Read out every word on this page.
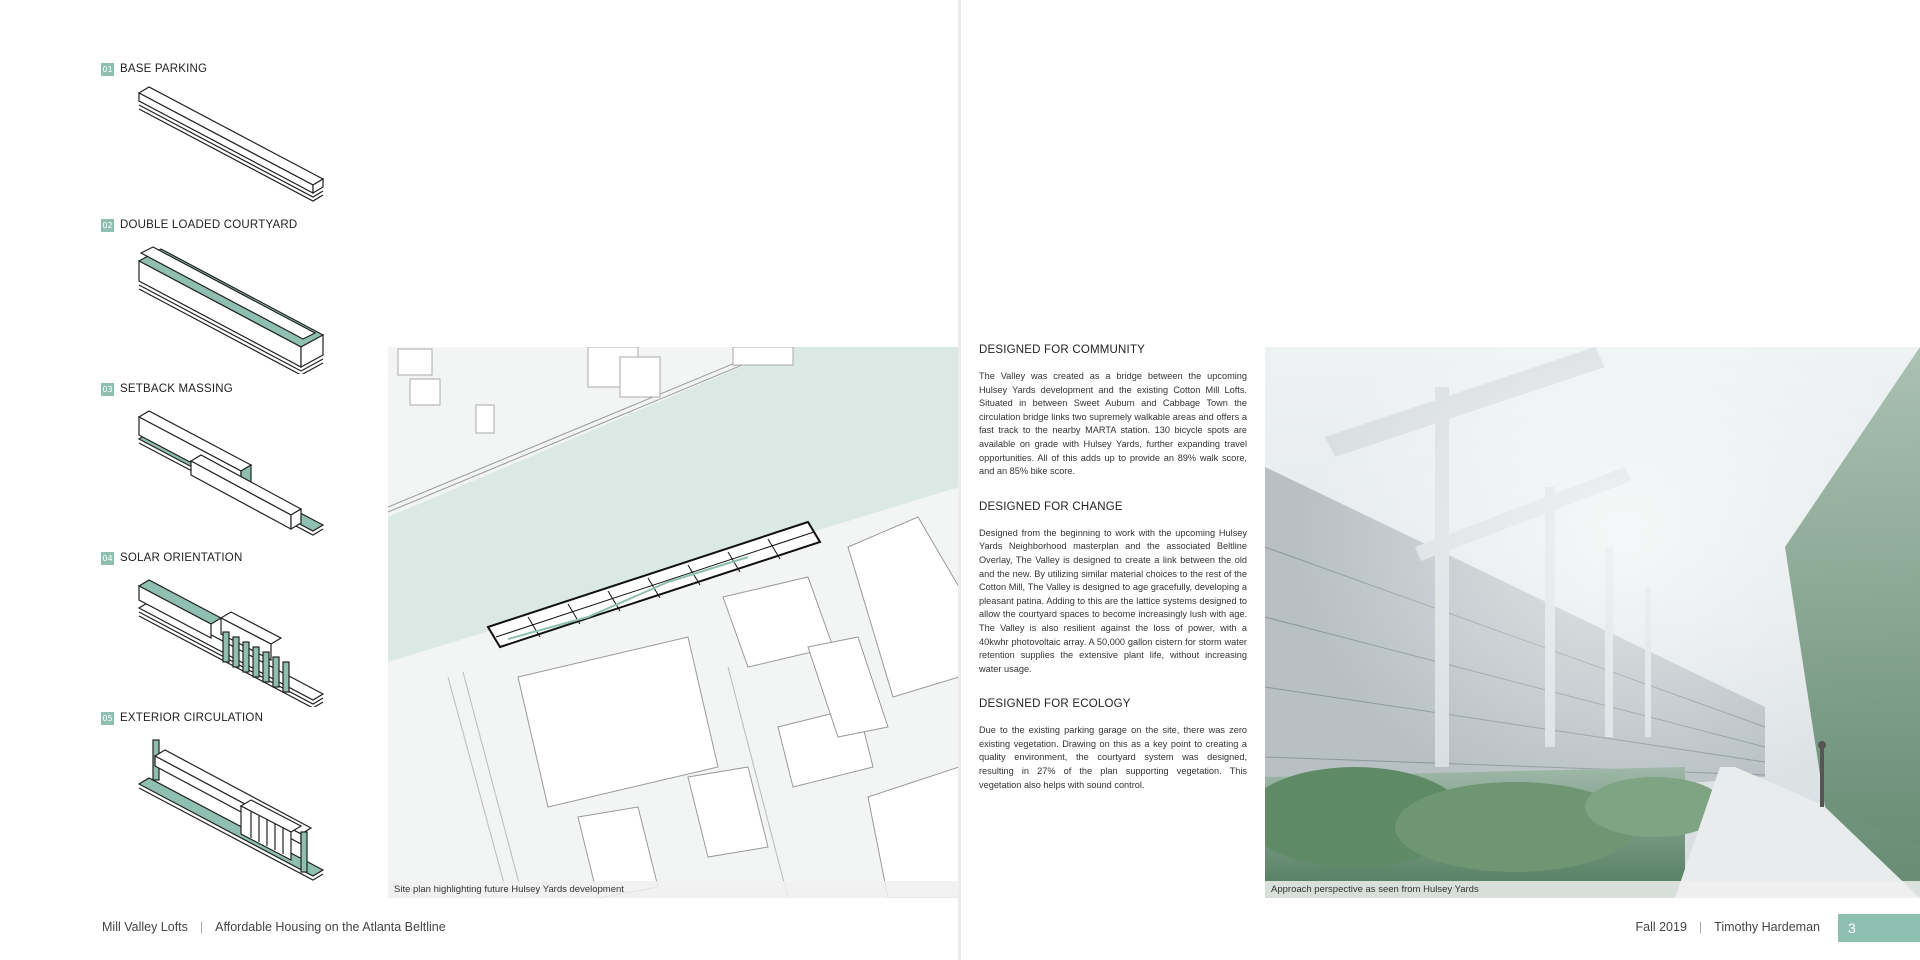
01 BASE PARKING
02 DOUBLE LOADED COURTYARD
03 SETBACK MASSING
04 SOLAR ORIENTATION
05 EXTERIOR CIRCULATION
Site plan highlighting future Hulsey Yards development
DESIGNED FOR COMMUNITY

The Valley was created as a bridge between the upcoming Hulsey Yards development and the existing Cotton Mill Lofts. Situated in between Sweet Auburn and Cabbage Town the circulation bridge links two supremely walkable areas and offers a fast track to the nearby MARTA station. 130 bicycle spots are available on grade with Hulsey Yards, further expanding travel opportunities. All of this adds up to provide an 89% walk score, and an 85% bike score.

DESIGNED FOR CHANGE

Designed from the beginning to work with the upcoming Hulsey Yards Neighborhood masterplan and the associated Beltline Overlay, The Valley is designed to create a link between the old and the new. By utilizing similar material choices to the rest of the Cotton Mill, The Valley is designed to age gracefully, developing a pleasant patina. Adding to this are the lattice systems designed to allow the courtyard spaces to become increasingly lush with age. The Valley is also resilient against the loss of power, with a 40kwhr photovoltaic array. A 50,000 gallon cistern for storm water retention supplies the extensive plant life, without increasing water usage.

DESIGNED FOR ECOLOGY

Due to the existing parking garage on the site, there was zero existing vegetation. Drawing on this as a key point to creating a quality environment, the courtyard system was designed, resulting in 27% of the plan supporting vegetation. This vegetation also helps with sound control.

Approach perspective as seen from Hulsey Yards
Mill Valley Lofts | Affordable Housing on the Atlanta Beltline	Fall 2019 | Timothy Hardeman	3
